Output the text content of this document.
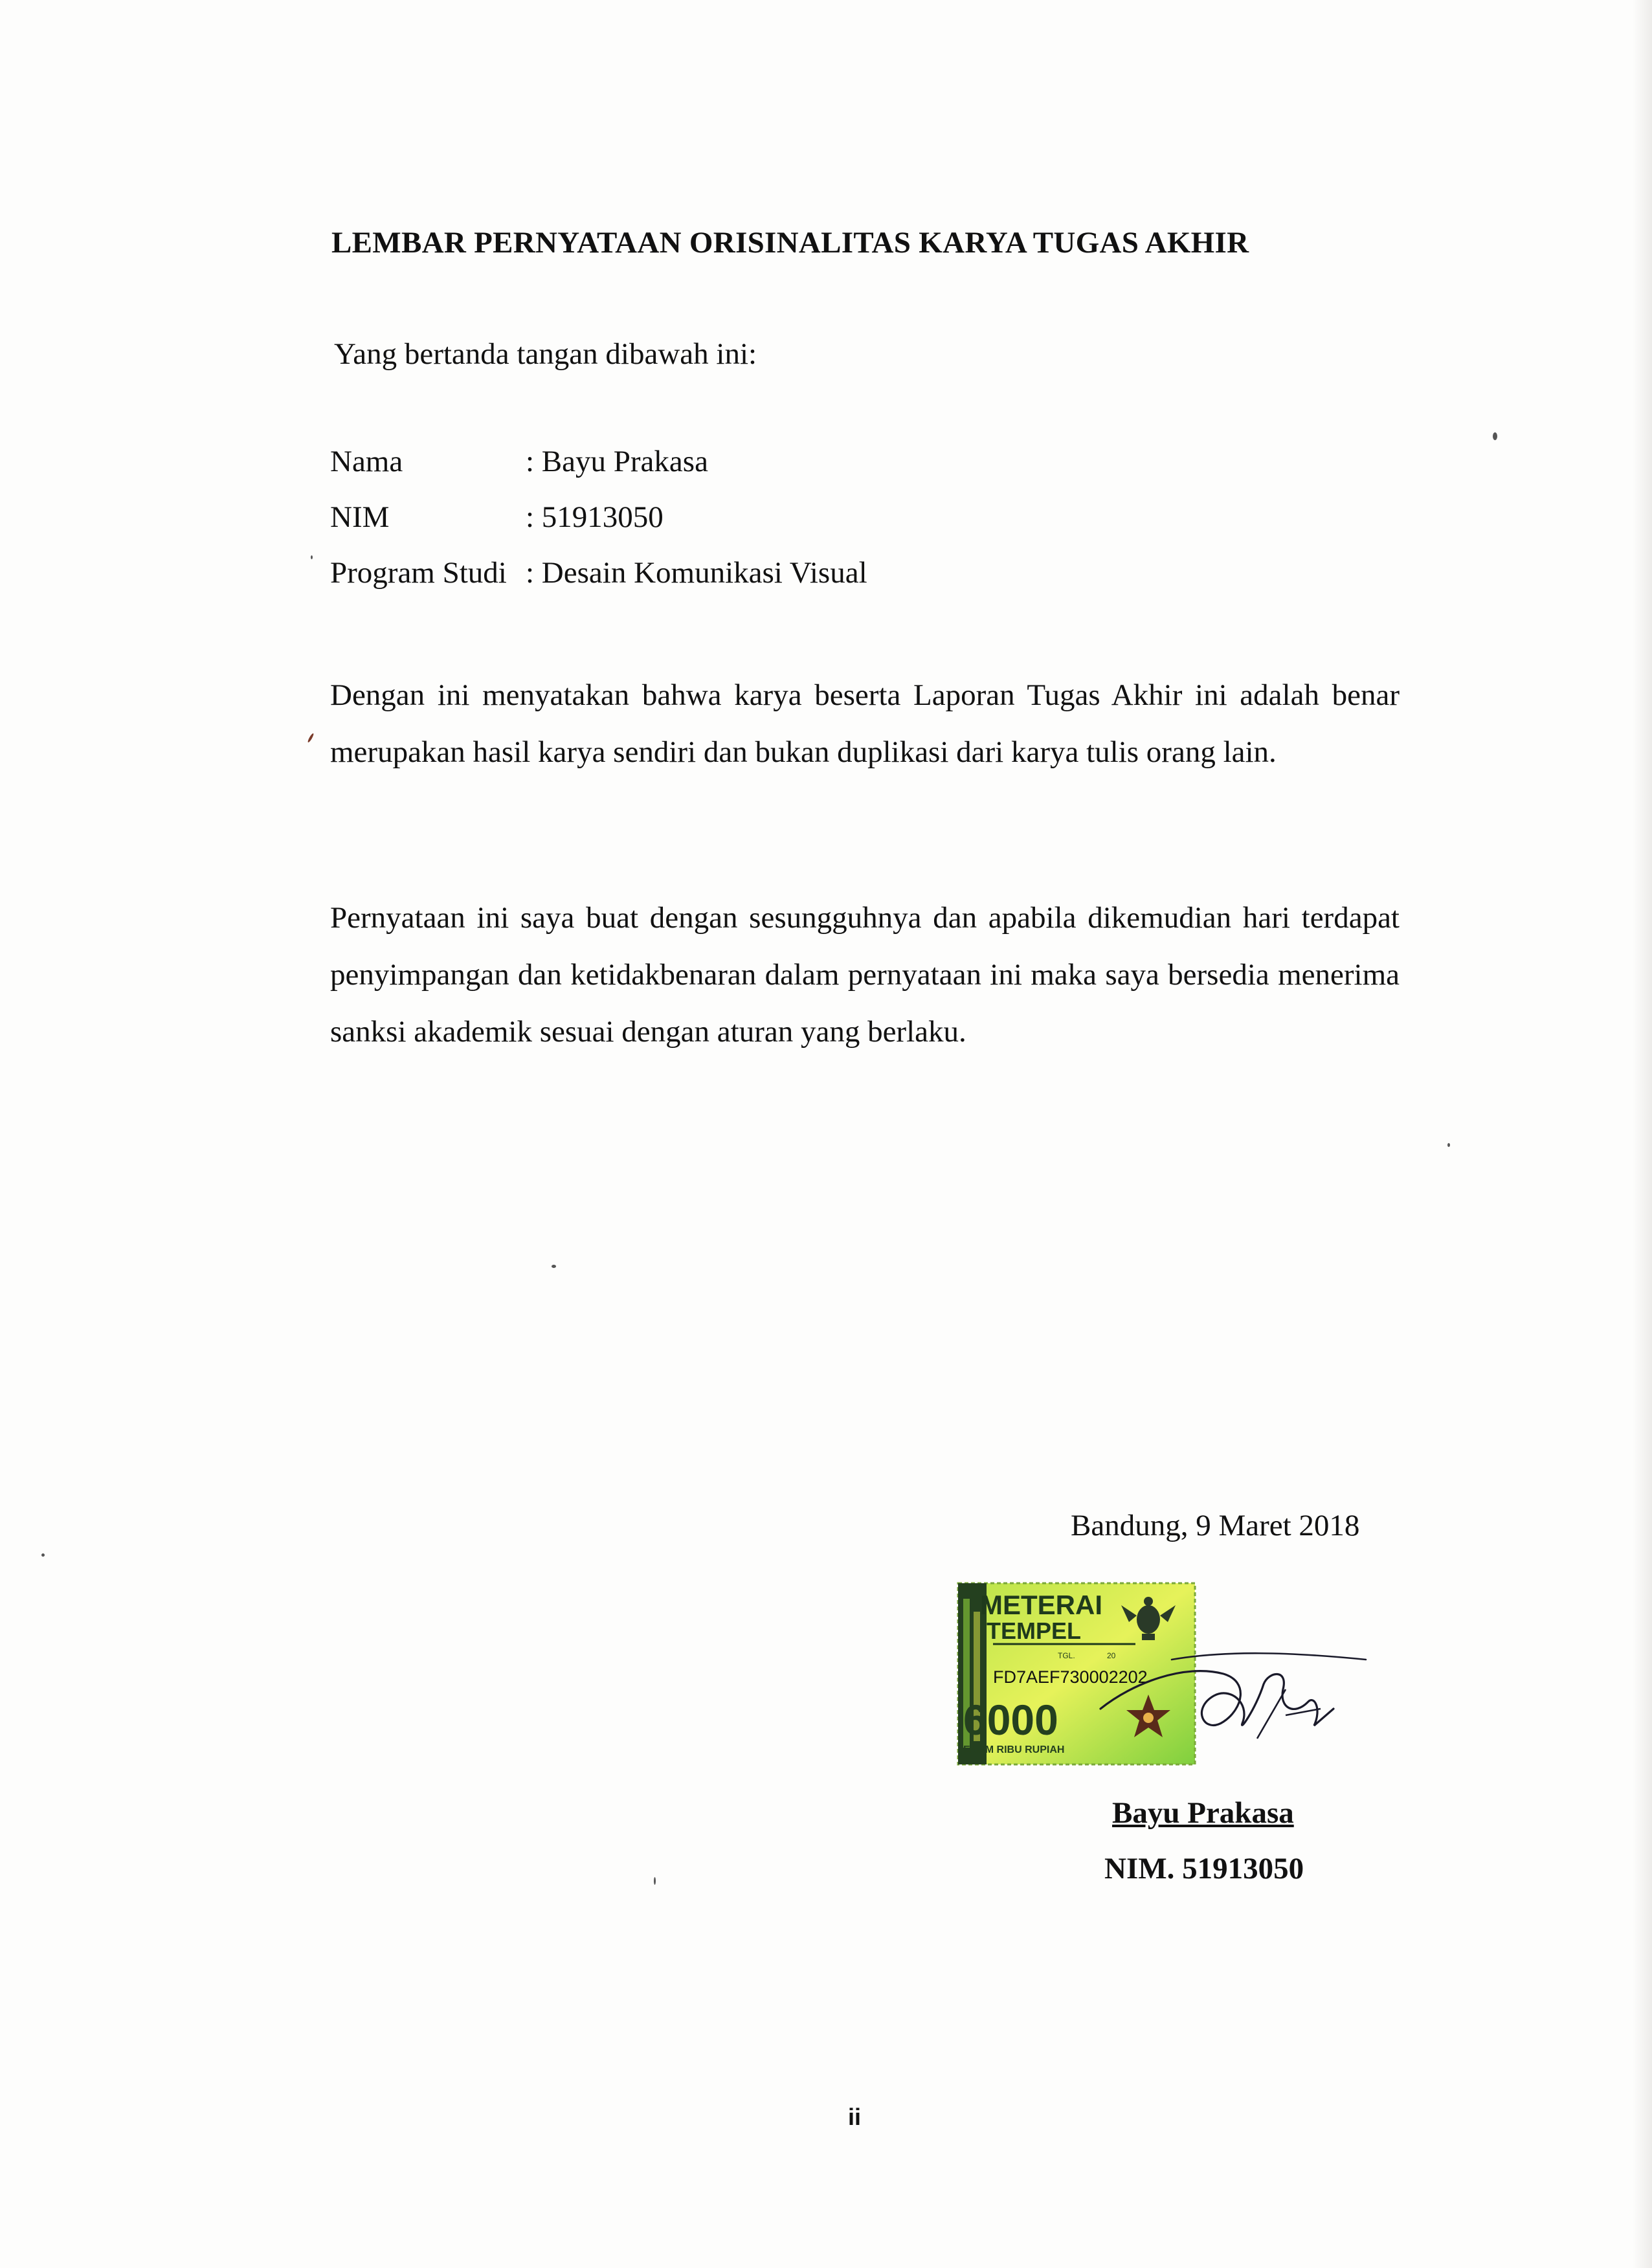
LEMBAR PERNYATAAN ORISINALITAS KARYA TUGAS AKHIR
Yang bertanda tangan dibawah ini:
Nama	: Bayu Prakasa
NIM	: 51913050
Program Studi : Desain Komunikasi Visual

Dengan ini menyatakan bahwa karya beserta Laporan Tugas Akhir ini adalah benar merupakan hasil karya sendiri dan bukan duplikasi dari karya tulis orang lain.

Pernyataan ini saya buat dengan sesungguhnya dan apabila dikemudian hari terdapat penyimpangan dan ketidakbenaran dalam pernyataan ini maka saya bersedia menerima sanksi akademik sesuai dengan aturan yang berlaku.

Bandung, 9 Maret 2018
METERAI
TEMPEL
TGL.	20
FD7AEF730002202
6000
ENAM RIBU RUPIAH
Bayu Prakasa
NIM. 51913050
ii
